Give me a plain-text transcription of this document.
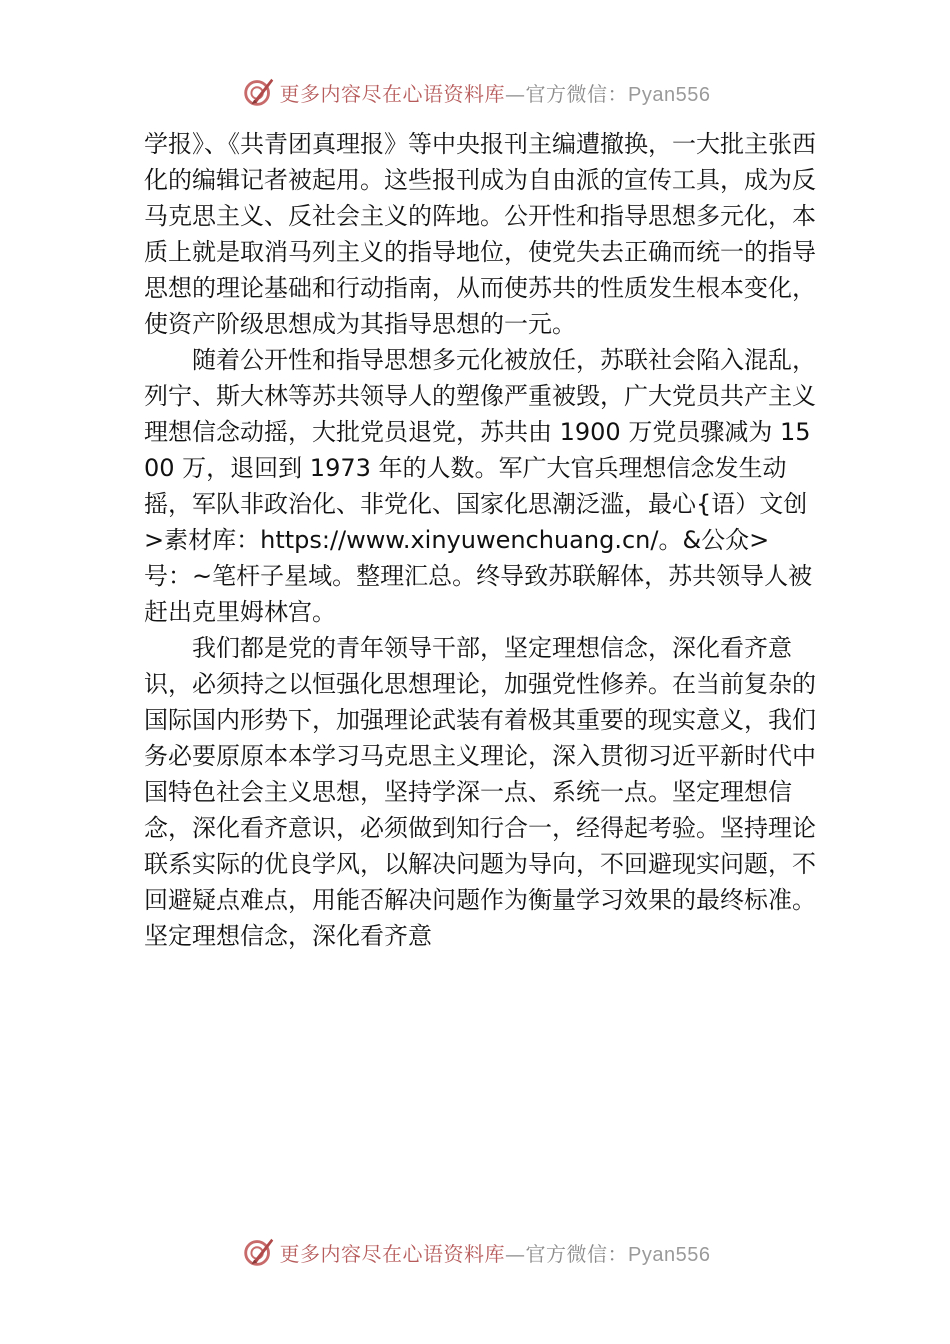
更多内容尽在心语资料库—官方微信：Pyan556

学报》、《共青团真理报》等中央报刊主编遭撤换，一大批主张西化的编辑记者被起用。这些报刊成为自由派的宣传工具，成为反马克思主义、反社会主义的阵地。公开性和指导思想多元化，本质上就是取消马列主义的指导地位，使党失去正确而统一的指导思想的理论基础和行动指南，从而使苏共的性质发生根本变化，使资产阶级思想成为其指导思想的一元。

随着公开性和指导思想多元化被放任，苏联社会陷入混乱，列宁、斯大林等苏共领导人的塑像严重被毁，广大党员共产主义理想信念动摇，大批党员退党，苏共由 1900 万党员骤减为 1500 万，退回到 1973 年的人数。军广大官兵理想信念发生动摇，军队非政治化、非党化、国家化思潮泛滥，最心{语）文创>素材库：https://www.xinyuwenchuang.cn/。&公众>号：~笔杆子星域。整理汇总。终导致苏联解体，苏共领导人被赶出克里姆林宫。

我们都是党的青年领导干部，坚定理想信念，深化看齐意识，必须持之以恒强化思想理论，加强党性修养。在当前复杂的国际国内形势下，加强理论武装有着极其重要的现实意义，我们务必要原原本本学习马克思主义理论，深入贯彻习近平新时代中国特色社会主义思想，坚持学深一点、系统一点。坚定理想信念，深化看齐意识，必须做到知行合一，经得起考验。坚持理论联系实际的优良学风，以解决问题为导向，不回避现实问题，不回避疑点难点，用能否解决问题作为衡量学习效果的最终标准。坚定理想信念，深化看齐意

更多内容尽在心语资料库—官方微信：Pyan556
